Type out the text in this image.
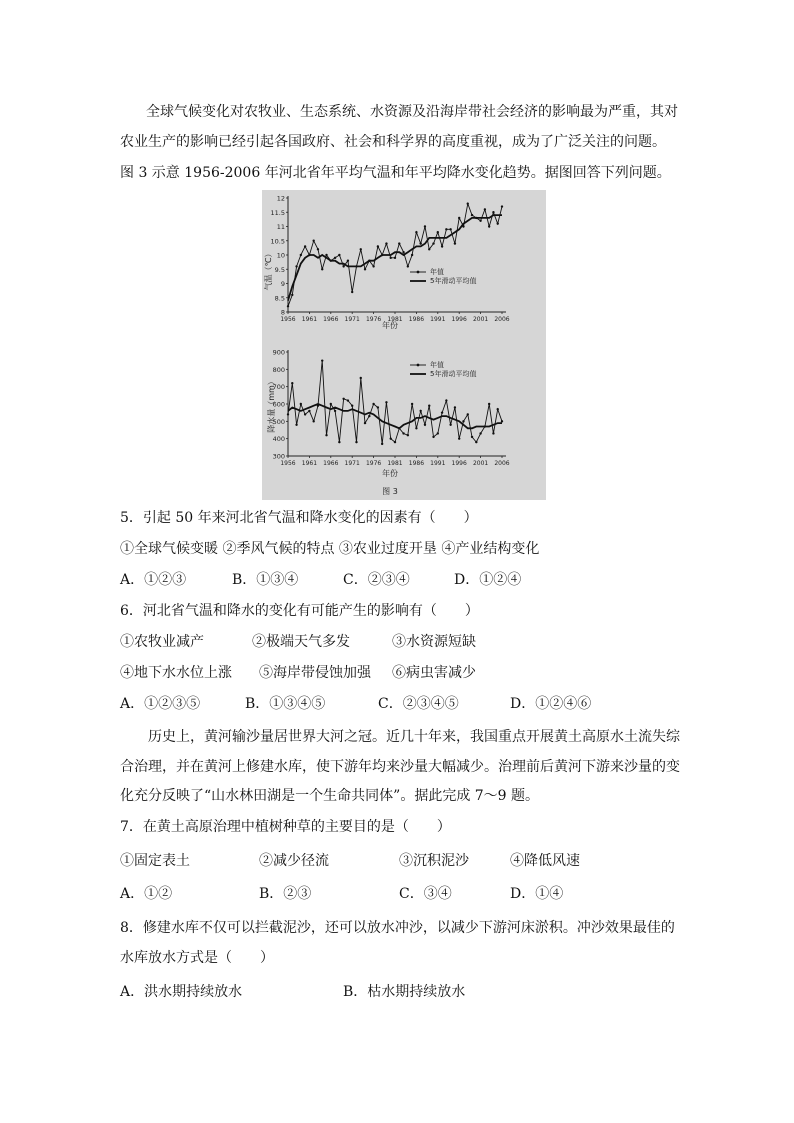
全球气候变化对农牧业、生态系统、水资源及沿海岸带社会经济的影响最为严重，其对
农业生产的影响已经引起各国政府、社会和科学界的高度重视，成为了广泛关注的问题。
图 3 示意 1956-2006 年河北省年平均气温和年平均降水变化趋势。据图回答下列问题。
气温（℃）
年份
年值
5年滑动平均值
降水量（mm）
年份
年值
5年滑动平均值
图 3
8
8.5
9
9.5
10
10.5
11
11.5
12
1956 1961 1966 1971 1976 1981 1986 1991 1996 2001 2006
300
400
500
600
700
800
900
1956 1961 1966 1971 1976 1981 1986 1991 1996 2001 2006
5．引起 50 年来河北省气温和降水变化的因素有（　　）
①全球气候变暖 ②季风气候的特点 ③农业过度开垦 ④产业结构变化
A．①②③	B．①③④	C．②③④	D．①②④
6．河北省气温和降水的变化有可能产生的影响有（　　）
①农牧业减产	②极端天气多发	③水资源短缺
④地下水水位上涨 ⑤海岸带侵蚀加强 ⑥病虫害减少
A．①②③⑤	B．①③④⑤	C．②③④⑤	D．①②④⑥
历史上，黄河输沙量居世界大河之冠。近几十年来，我国重点开展黄土高原水土流失综
合治理，并在黄河上修建水库，使下游年均来沙量大幅减少。治理前后黄河下游来沙量的变
化充分反映了“山水林田湖是一个生命共同体”。据此完成 7～9 题。
7．在黄土高原治理中植树种草的主要目的是（　　）
①固定表土	②减少径流	③沉积泥沙	④降低风速
A．①②	B．②③	C．③④	D．①④
8．修建水库不仅可以拦截泥沙，还可以放水冲沙，以减少下游河床淤积。冲沙效果最佳的
水库放水方式是（　　）
A．洪水期持续放水	B．枯水期持续放水
